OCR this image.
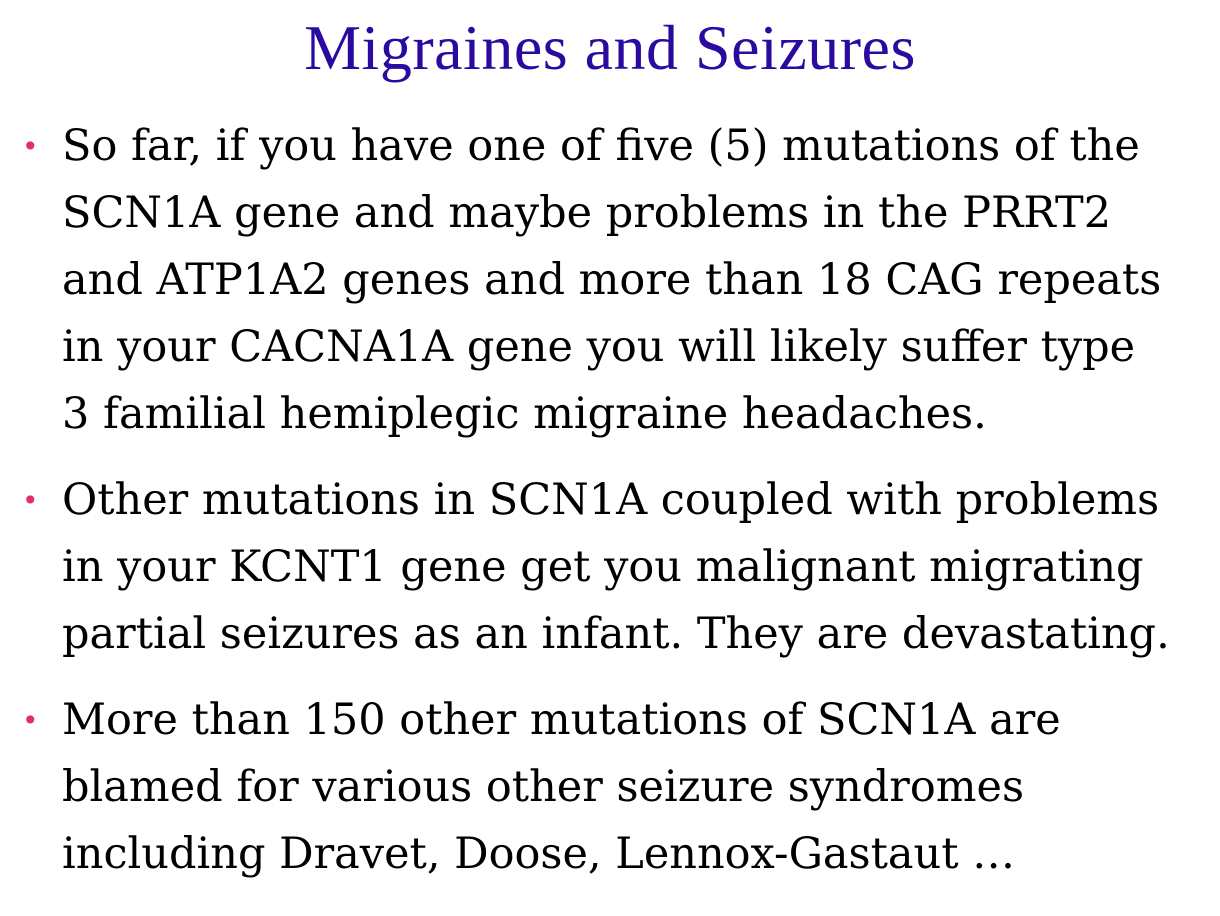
Migraines and Seizures
• So far, if you have one of five (5) mutations of the
SCN1A gene and maybe problems in the PRRT2
and ATP1A2 genes and more than 18 CAG repeats
in your CACNA1A gene you will likely suffer type
3 familial hemiplegic migraine headaches.
• Other mutations in SCN1A coupled with problems
in your KCNT1 gene get you malignant migrating
partial seizures as an infant. They are devastating.
• More than 150 other mutations of SCN1A are
blamed for various other seizure syndromes
including Dravet, Doose, Lennox-Gastaut …
